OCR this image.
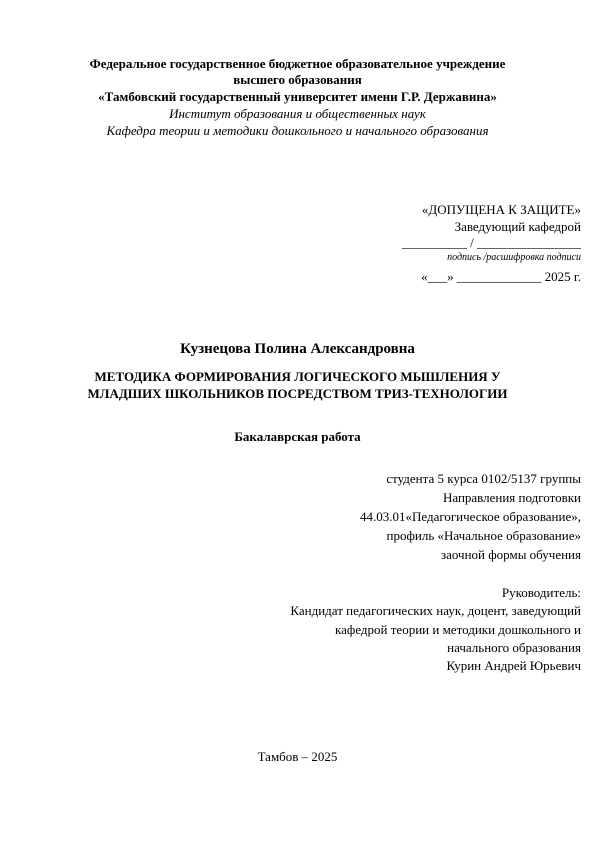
Федеральное государственное бюджетное образовательное учреждение
высшего образования
«Тамбовский государственный университет имени Г.Р. Державина»
Институт образования и общественных наук
Кафедра теории и методики дошкольного и начального образования
«ДОПУЩЕНА К ЗАЩИТЕ»
Заведующий кафедрой
__________ / ________________
подпись /расшифровка подписи
«___» _____________ 2025 г.
Кузнецова Полина Александровна
МЕТОДИКА ФОРМИРОВАНИЯ ЛОГИЧЕСКОГО МЫШЛЕНИЯ У
МЛАДШИХ ШКОЛЬНИКОВ ПОСРЕДСТВОМ ТРИЗ-ТЕХНОЛОГИИ
Бакалаврская работа
студента 5 курса 0102/5137 группы
Направления подготовки
44.03.01«Педагогическое образование»,
профиль «Начальное образование»
заочной формы обучения
Руководитель:
Кандидат педагогических наук, доцент, заведующий
кафедрой теории и методики дошкольного и
начального образования
Курин Андрей Юрьевич
Тамбов – 2025
